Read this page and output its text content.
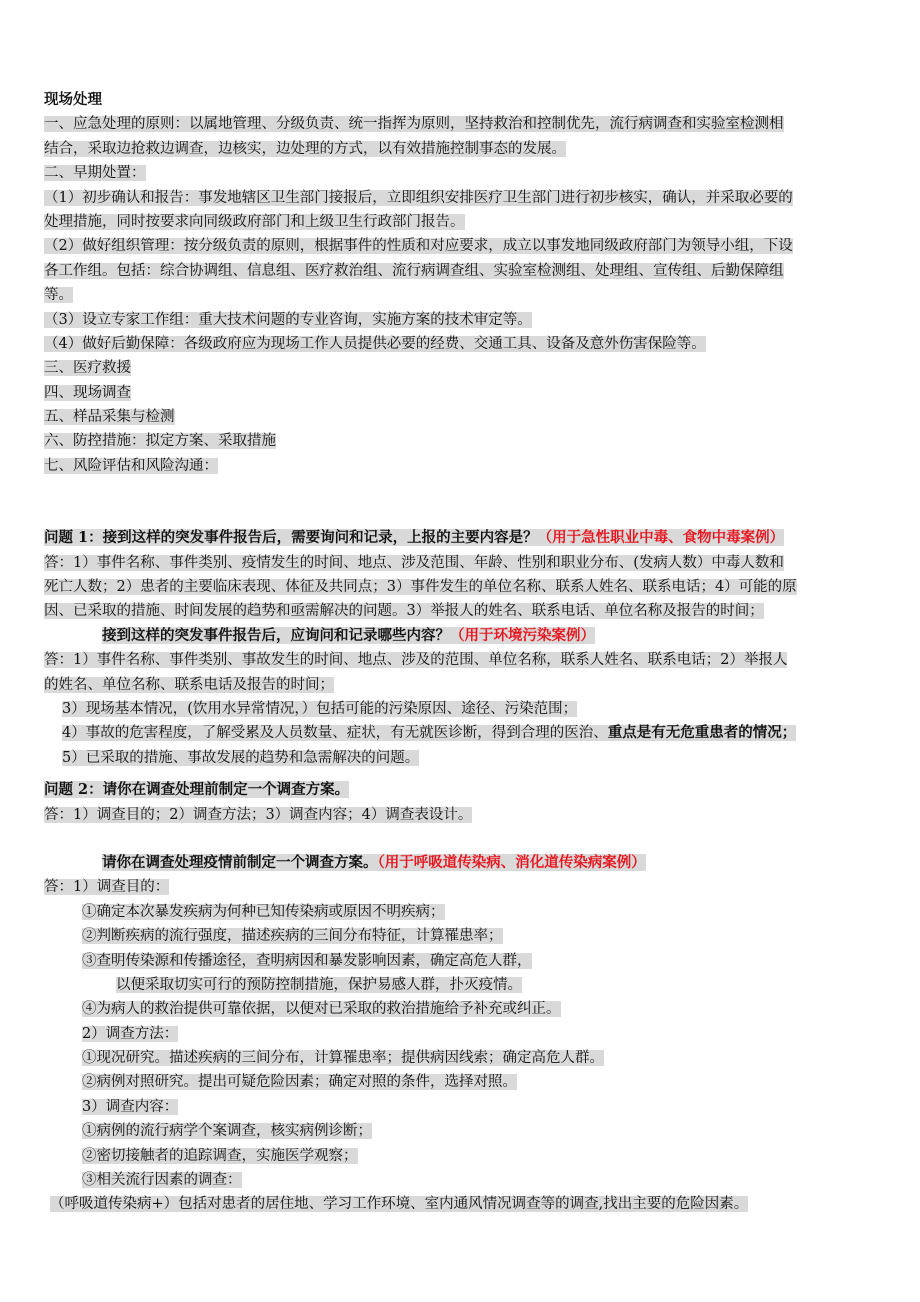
现场处理
一、应急处理的原则：以属地管理、分级负责、统一指挥为原则，坚持救治和控制优先，流行病调查和实验室检测相
结合，采取边抢救边调查，边核实，边处理的方式，以有效措施控制事态的发展。
二、早期处置：
（1）初步确认和报告：事发地辖区卫生部门接报后，立即组织安排医疗卫生部门进行初步核实，确认，并采取必要的
处理措施，同时按要求向同级政府部门和上级卫生行政部门报告。
（2）做好组织管理：按分级负责的原则，根据事件的性质和对应要求，成立以事发地同级政府部门为领导小组，下设
各工作组。包括：综合协调组、信息组、医疗救治组、流行病调查组、实验室检测组、处理组、宣传组、后勤保障组
等。
（3）设立专家工作组：重大技术问题的专业咨询，实施方案的技术审定等。
（4）做好后勤保障：各级政府应为现场工作人员提供必要的经费、交通工具、设备及意外伤害保险等。
三、医疗救援
四、现场调查
五、样品采集与检测
六、防控措施：拟定方案、采取措施
七、风险评估和风险沟通：
问题 1：接到这样的突发事件报告后，需要询问和记录，上报的主要内容是？（用于急性职业中毒、食物中毒案例）
答：1）事件名称、事件类别、疫情发生的时间、地点、涉及范围、年龄、性别和职业分布、(发病人数）中毒人数和
死亡人数；2）患者的主要临床表现、体征及共同点；3）事件发生的单位名称、联系人姓名、联系电话；4）可能的原
因、已采取的措施、时间发展的趋势和亟需解决的问题。3）举报人的姓名、联系电话、单位名称及报告的时间；
接到这样的突发事件报告后，应询问和记录哪些内容？（用于环境污染案例）
答：1）事件名称、事件类别、事故发生的时间、地点、涉及的范围、单位名称，联系人姓名、联系电话；2）举报人
的姓名、单位名称、联系电话及报告的时间；
3）现场基本情况，(饮用水异常情况，）包括可能的污染原因、途径、污染范围；
4）事故的危害程度，了解受累及人员数量、症状，有无就医诊断，得到合理的医治、重点是有无危重患者的情况；
5）已采取的措施、事故发展的趋势和急需解决的问题。
问题 2：请你在调查处理前制定一个调查方案。
答：1）调查目的；2）调查方法；3）调查内容；4）调查表设计。
请你在调查处理疫情前制定一个调查方案。（用于呼吸道传染病、消化道传染病案例）
答：1）调查目的：
①确定本次暴发疾病为何种已知传染病或原因不明疾病；
②判断疾病的流行强度，描述疾病的三间分布特征，计算罹患率；
③查明传染源和传播途径，查明病因和暴发影响因素，确定高危人群，
以便采取切实可行的预防控制措施，保护易感人群，扑灭疫情。
④为病人的救治提供可靠依据，以便对已采取的救治措施给予补充或纠正。
2）调查方法：
①现况研究。描述疾病的三间分布，计算罹患率；提供病因线索；确定高危人群。
②病例对照研究。提出可疑危险因素；确定对照的条件，选择对照。
3）调查内容：
①病例的流行病学个案调查，核实病例诊断；
②密切接触者的追踪调查，实施医学观察；
③相关流行因素的调查：
（呼吸道传染病+）包括对患者的居住地、学习工作环境、室内通风情况调查等的调查,找出主要的危险因素。
